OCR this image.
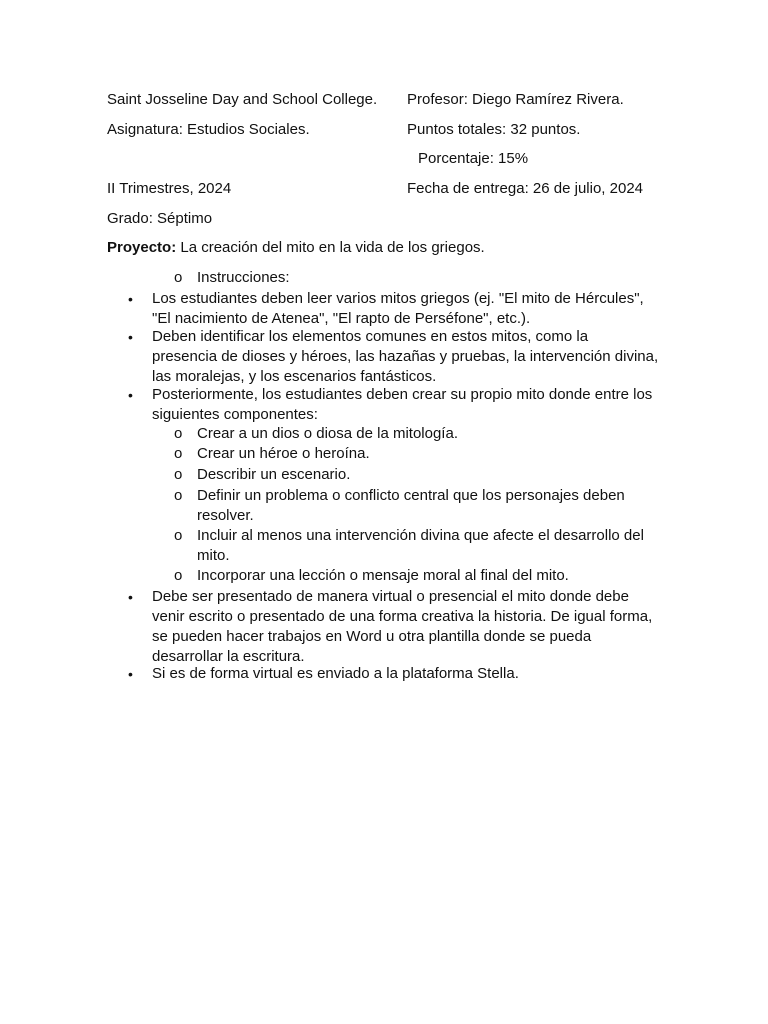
Saint Josseline Day and School College. Profesor: Diego Ramírez Rivera.
Asignatura: Estudios Sociales.	Puntos totales: 32 puntos.
Porcentaje: 15%
II Trimestres, 2024	Fecha de entrega: 26 de julio, 2024
Grado: Séptimo
Proyecto: La creación del mito en la vida de los griegos.
o Instrucciones:
• Los estudiantes deben leer varios mitos griegos (ej. "El mito de Hércules",
"El nacimiento de Atenea", "El rapto de Perséfone", etc.).
• Deben identificar los elementos comunes en estos mitos, como la
presencia de dioses y héroes, las hazañas y pruebas, la intervención divina,
las moralejas, y los escenarios fantásticos.
• Posteriormente, los estudiantes deben crear su propio mito donde entre los
siguientes componentes:
o Crear a un dios o diosa de la mitología.
o Crear un héroe o heroína.
o Describir un escenario.
o Definir un problema o conflicto central que los personajes deben
resolver.
o Incluir al menos una intervención divina que afecte el desarrollo del
mito.
o Incorporar una lección o mensaje moral al final del mito.
• Debe ser presentado de manera virtual o presencial el mito donde debe
venir escrito o presentado de una forma creativa la historia. De igual forma,
se pueden hacer trabajos en Word u otra plantilla donde se pueda
desarrollar la escritura.
• Si es de forma virtual es enviado a la plataforma Stella.
